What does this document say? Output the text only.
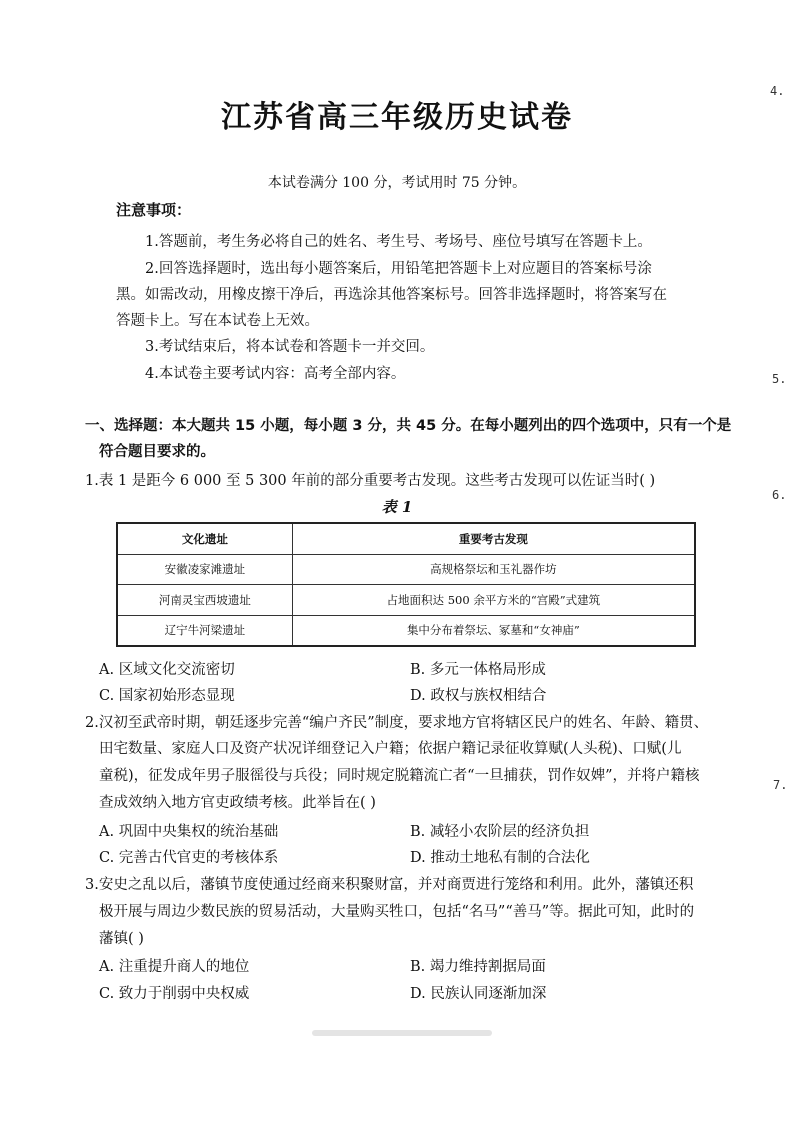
4.
5.
6.
7.
江苏省高三年级历史试卷
本试卷满分 100 分，考试用时 75 分钟。
注意事项：
1.答题前，考生务必将自己的姓名、考生号、考场号、座位号填写在答题卡上。
2.回答选择题时，选出每小题答案后，用铅笔把答题卡上对应题目的答案标号涂
黑。如需改动，用橡皮擦干净后，再选涂其他答案标号。回答非选择题时，将答案写在
答题卡上。写在本试卷上无效。
3.考试结束后，将本试卷和答题卡一并交回。
4.本试卷主要考试内容：高考全部内容。
一、选择题：本大题共 15 小题，每小题 3 分，共 45 分。在每小题列出的四个选项中，只有一个是
符合题目要求的。
1.表 1 是距今 6 000 至 5 300 年前的部分重要考古发现。这些考古发现可以佐证当时( )
表 1
文化遗址	重要考古发现
安徽凌家滩遗址	高规格祭坛和玉礼器作坊
河南灵宝西坡遗址	占地面积达 500 余平方米的“宫殿”式建筑
辽宁牛河梁遗址	集中分布着祭坛、冢墓和“女神庙”
A. 区域文化交流密切	B. 多元一体格局形成
C. 国家初始形态显现	D. 政权与族权相结合
2.汉初至武帝时期，朝廷逐步完善“编户齐民”制度，要求地方官将辖区民户的姓名、年龄、籍贯、
田宅数量、家庭人口及资产状况详细登记入户籍；依据户籍记录征收算赋(人头税)、口赋(儿
童税)，征发成年男子服徭役与兵役；同时规定脱籍流亡者“一旦捕获，罚作奴婢”，并将户籍核
查成效纳入地方官吏政绩考核。此举旨在( )
A. 巩固中央集权的统治基础	B. 减轻小农阶层的经济负担
C. 完善古代官吏的考核体系	D. 推动土地私有制的合法化
3.安史之乱以后，藩镇节度使通过经商来积聚财富，并对商贾进行笼络和利用。此外，藩镇还积
极开展与周边少数民族的贸易活动，大量购买牲口，包括“名马”“善马”等。据此可知，此时的
藩镇( )
A. 注重提升商人的地位	B. 竭力维持割据局面
C. 致力于削弱中央权威	D. 民族认同逐渐加深
